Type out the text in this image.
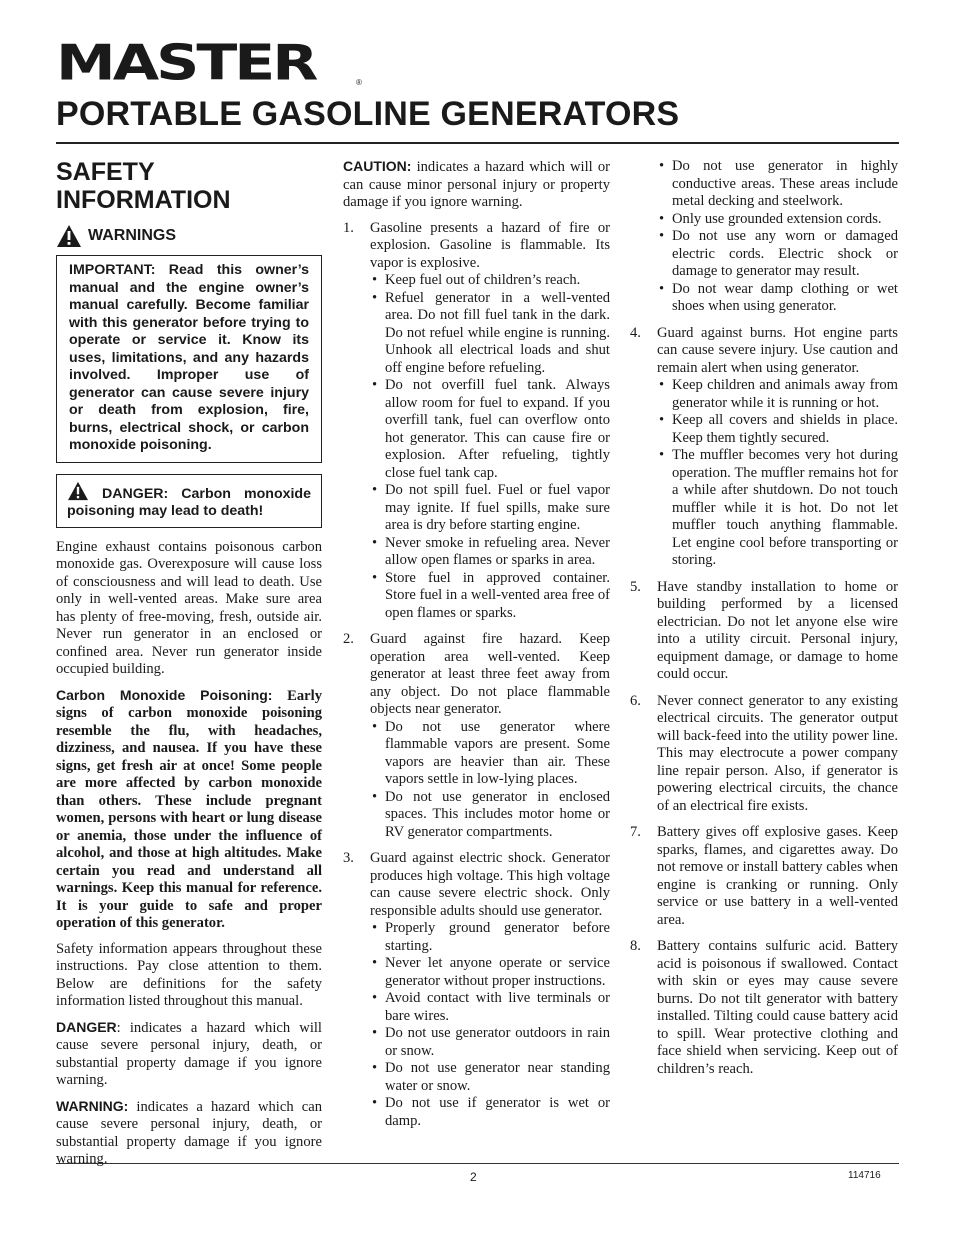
MASTER	®
PORTABLE GASOLINE GENERATORS
SAFETY
INFORMATION
WARNINGS
IMPORTANT: Read this owner’s manual and the engine owner’s manual carefully. Become familiar with this generator before trying to operate or service it. Know its uses, limitations, and any hazards involved. Improper use of generator can cause severe injury or death from explosion, fire, burns, electrical shock, or carbon monoxide poisoning.
DANGER: Carbon monoxide poisoning may lead to death!

Engine exhaust contains poisonous carbon monoxide gas. Overexposure will cause loss of consciousness and will lead to death. Use only in well-vented areas. Make sure area has plenty of free-moving, fresh, outside air. Never run generator in an enclosed or confined area. Never run generator inside occupied building.

Carbon Monoxide Poisoning: Early signs of carbon monoxide poisoning resemble the flu, with headaches, dizziness, and nausea. If you have these signs, get fresh air at once! Some people are more affected by carbon monoxide than others. These include pregnant women, persons with heart or lung disease or anemia, those under the influence of alcohol, and those at high altitudes. Make certain you read and understand all warnings. Keep this manual for reference. It is your guide to safe and proper operation of this generator.

Safety information appears throughout these instructions. Pay close attention to them. Below are definitions for the safety information listed throughout this manual.

DANGER: indicates a hazard which will cause severe personal injury, death, or substantial property damage if you ignore warning.

WARNING: indicates a hazard which can cause severe personal injury, death, or substantial property damage if you ignore warning.

CAUTION: indicates a hazard which will or can cause minor personal injury or property damage if you ignore warning.

1. Gasoline presents a hazard of fire or explosion. Gasoline is flammable. Its vapor is explosive.
• Keep fuel out of children’s reach.
• Refuel generator in a well-vented area. Do not fill fuel tank in the dark. Do not refuel while engine is running. Unhook all electrical loads and shut off engine before refueling.
• Do not overfill fuel tank. Always allow room for fuel to expand. If you overfill tank, fuel can overflow onto hot generator. This can cause fire or explosion. After refueling, tightly close fuel tank cap.
• Do not spill fuel. Fuel or fuel vapor may ignite. If fuel spills, make sure area is dry before starting engine.
• Never smoke in refueling area. Never allow open flames or sparks in area.
• Store fuel in approved container. Store fuel in a well-vented area free of open flames or sparks.
2. Guard against fire hazard. Keep operation area well-vented. Keep generator at least three feet away from any object. Do not place flammable objects near generator.
• Do not use generator where flammable vapors are present. Some vapors are heavier than air. These vapors settle in low-lying places.
• Do not use generator in enclosed spaces. This includes motor home or RV generator compartments.
3. Guard against electric shock. Generator produces high voltage. This high voltage can cause severe electric shock. Only responsible adults should use generator.
• Properly ground generator before starting.
• Never let anyone operate or service generator without proper instructions.
• Avoid contact with live terminals or bare wires.
• Do not use generator outdoors in rain or snow.
• Do not use generator near standing water or snow.
• Do not use if generator is wet or damp.
• Do not use generator in highly conductive areas. These areas include metal decking and steelwork.
• Only use grounded extension cords.
• Do not use any worn or damaged electric cords. Electric shock or damage to generator may result.
• Do not wear damp clothing or wet shoes when using generator.
4. Guard against burns. Hot engine parts can cause severe injury. Use caution and remain alert when using generator.
• Keep children and animals away from generator while it is running or hot.
• Keep all covers and shields in place. Keep them tightly secured.
• The muffler becomes very hot during operation. The muffler remains hot for a while after shutdown. Do not touch muffler while it is hot. Do not let muffler touch anything flammable. Let engine cool before transporting or storing.
5. Have standby installation to home or building performed by a licensed electrician. Do not let anyone else wire into a utility circuit. Personal injury, equipment damage, or damage to home could occur.
6. Never connect generator to any existing electrical circuits. The generator output will back-feed into the utility power line. This may electrocute a power company line repair person. Also, if generator is powering electrical circuits, the chance of an electrical fire exists.
7. Battery gives off explosive gases. Keep sparks, flames, and cigarettes away. Do not remove or install battery cables when engine is cranking or running. Only service or use battery in a well-vented area.
8. Battery contains sulfuric acid. Battery acid is poisonous if swallowed. Contact with skin or eyes may cause severe burns. Do not tilt generator with battery installed. Tilting could cause battery acid to spill. Wear protective clothing and face shield when servicing. Keep out of children’s reach.
2	114716
